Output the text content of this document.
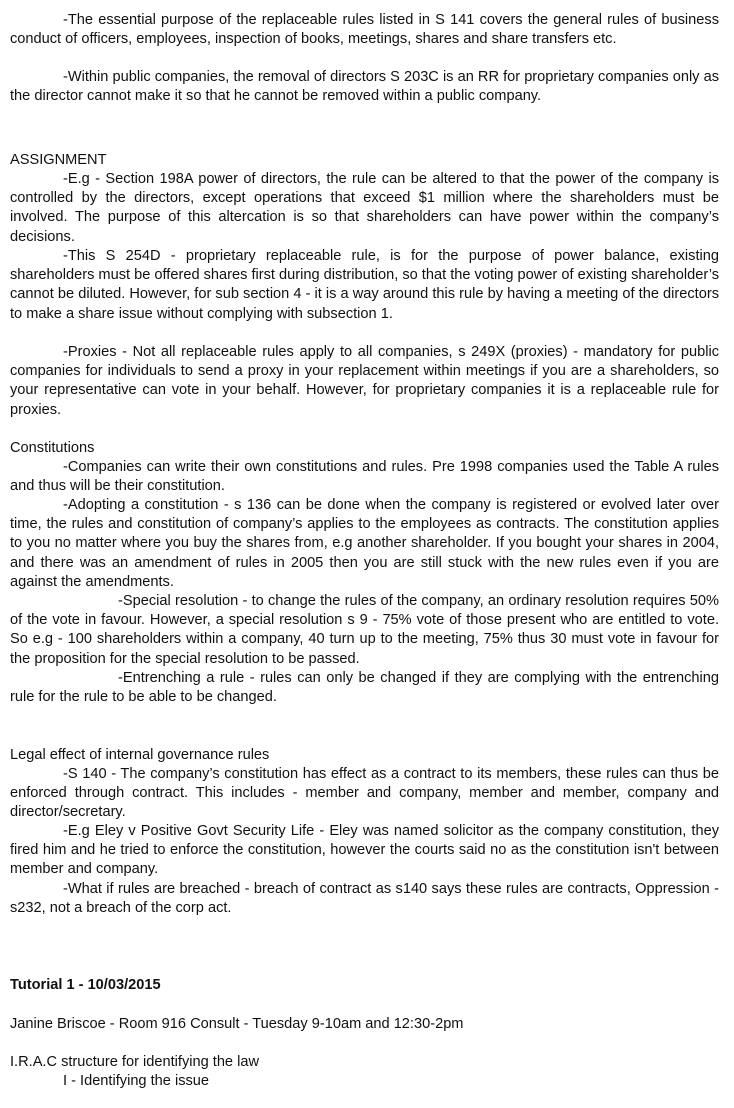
-The essential purpose of the replaceable rules listed in S 141 covers the general rules of business conduct of officers, employees, inspection of books, meetings, shares and share transfers etc.

-Within public companies, the removal of directors S 203C is an RR for proprietary companies only as the director cannot make it so that he cannot be removed within a public company.

ASSIGNMENT

-E.g - Section 198A power of directors, the rule can be altered to that the power of the company is controlled by the directors, except operations that exceed $1 million where the shareholders must be involved. The purpose of this altercation is so that shareholders can have power within the company’s decisions.

-This S 254D - proprietary replaceable rule, is for the purpose of power balance, existing shareholders must be offered shares first during distribution, so that the voting power of existing shareholder’s cannot be diluted. However, for sub section 4 - it is a way around this rule by having a meeting of the directors to make a share issue without complying with subsection 1.

-Proxies - Not all replaceable rules apply to all companies, s 249X (proxies) - mandatory for public companies for individuals to send a proxy in your replacement within meetings if you are a shareholders, so your representative can vote in your behalf. However, for proprietary companies it is a replaceable rule for proxies.

Constitutions

-Companies can write their own constitutions and rules. Pre 1998 companies used the Table A rules and thus will be their constitution.

-Adopting a constitution - s 136 can be done when the company is registered or evolved later over time, the rules and constitution of company’s applies to the employees as contracts. The constitution applies to you no matter where you buy the shares from, e.g another shareholder. If you bought your shares in 2004, and there was an amendment of rules in 2005 then you are still stuck with the new rules even if you are against the amendments.

-Special resolution - to change the rules of the company, an ordinary resolution requires 50% of the vote in favour. However, a special resolution s 9 - 75% vote of those present who are entitled to vote. So e.g - 100 shareholders within a company, 40 turn up to the meeting, 75% thus 30 must vote in favour for the proposition for the special resolution to be passed.

-Entrenching a rule - rules can only be changed if they are complying with the entrenching rule for the rule to be able to be changed.

Legal effect of internal governance rules

-S 140 - The company’s constitution has effect as a contract to its members, these rules can thus be enforced through contract. This includes - member and company, member and member, company and director/secretary.

-E.g Eley v Positive Govt Security Life - Eley was named solicitor as the company constitution, they fired him and he tried to enforce the constitution, however the courts said no as the constitution isn't between member and company.

-What if rules are breached - breach of contract as s140 says these rules are contracts, Oppression - s232, not a breach of the corp act.

Tutorial 1 - 10/03/2015

Janine Briscoe - Room 916 Consult - Tuesday 9-10am and 12:30-2pm

I.R.A.C structure for identifying the law

I - Identifying the issue
